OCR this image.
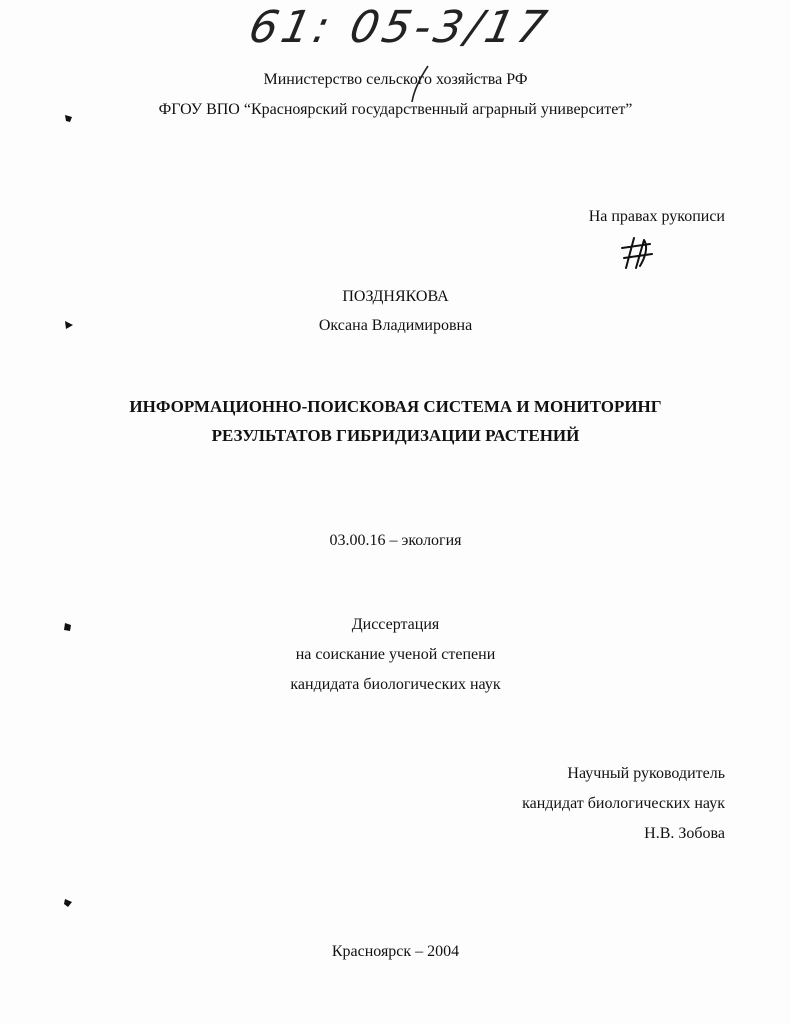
61: 05-3/17
Министерство сельского хозяйства РФ
ФГОУ ВПО “Красноярский государственный аграрный университет”
На правах рукописи
ПОЗДНЯКОВА
Оксана Владимировна
ИНФОРМАЦИОННО-ПОИСКОВАЯ СИСТЕМА И МОНИТОРИНГ
РЕЗУЛЬТАТОВ ГИБРИДИЗАЦИИ РАСТЕНИЙ
03.00.16 – экология
Диссертация
на соискание ученой степени
кандидата биологических наук
Научный руководитель
кандидат биологических наук
Н.В. Зобова
Красноярск – 2004
